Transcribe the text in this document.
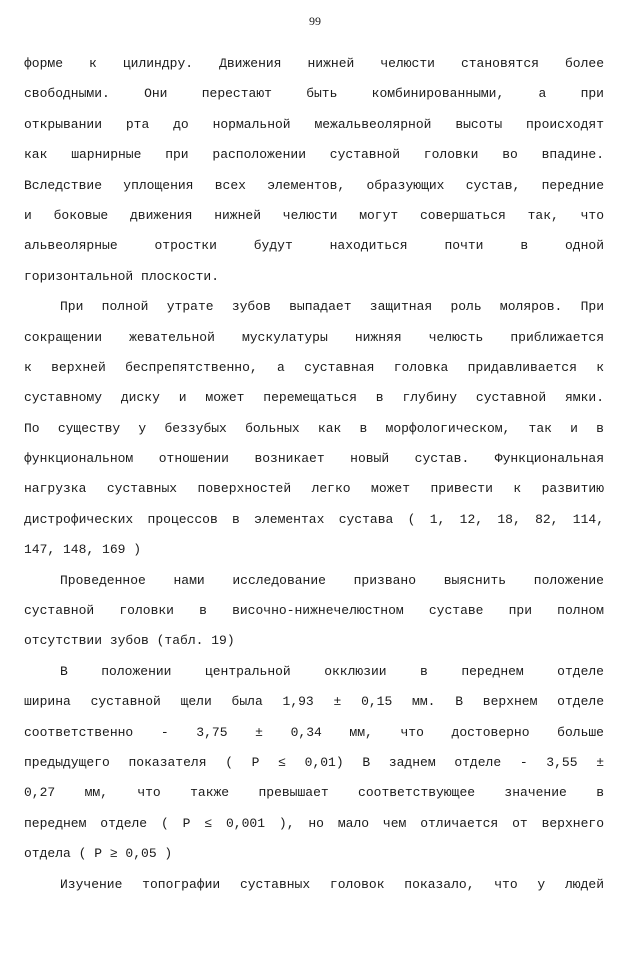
99
форме к цилиндру. Движения нижней челюсти становятся более
свободными. Они перестают быть комбинированными, а при
открывании рта до нормальной межальвеолярной высоты происходят
как шарнирные при расположении суставной головки во впадине.
Вследствие уплощения всех элементов, образующих сустав, передние
и боковые движения нижней челюсти могут совершаться так, что
альвеолярные отростки будут находиться почти в одной
горизонтальной плоскости.
При полной утрате зубов выпадает защитная роль моляров. При
сокращении жевательной мускулатуры нижняя челюсть приближается
к верхней беспрепятственно, а суставная головка придавливается к
суставному диску и может перемещаться в глубину суставной ямки.
По существу у беззубых больных как в морфологическом, так и в
функциональном отношении возникает новый сустав. Функциональная
нагрузка суставных поверхностей легко может привести к развитию
дистрофических процессов в элементах сустава ( 1, 12, 18, 82, 114,
147, 148, 169 )
Проведенное нами исследование призвано выяснить положение
суставной головки в височно-нижнечелюстном суставе при полном
отсутствии зубов (табл. 19)
В положении центральной окклюзии в переднем отделе
ширина суставной щели была 1,93 ± 0,15 мм. В верхнем отделе
соответственно - 3,75 ± 0,34 мм, что достоверно больше
предыдущего показателя ( Р ≤ 0,01) В заднем отделе - 3,55 ±
0,27 мм, что также превышает соответствующее значение в
переднем отделе ( Р ≤ 0,001 ), но мало чем отличается от верхнего
отдела ( Р ≥ 0,05 )
Изучение топографии суставных головок показало, что у людей
